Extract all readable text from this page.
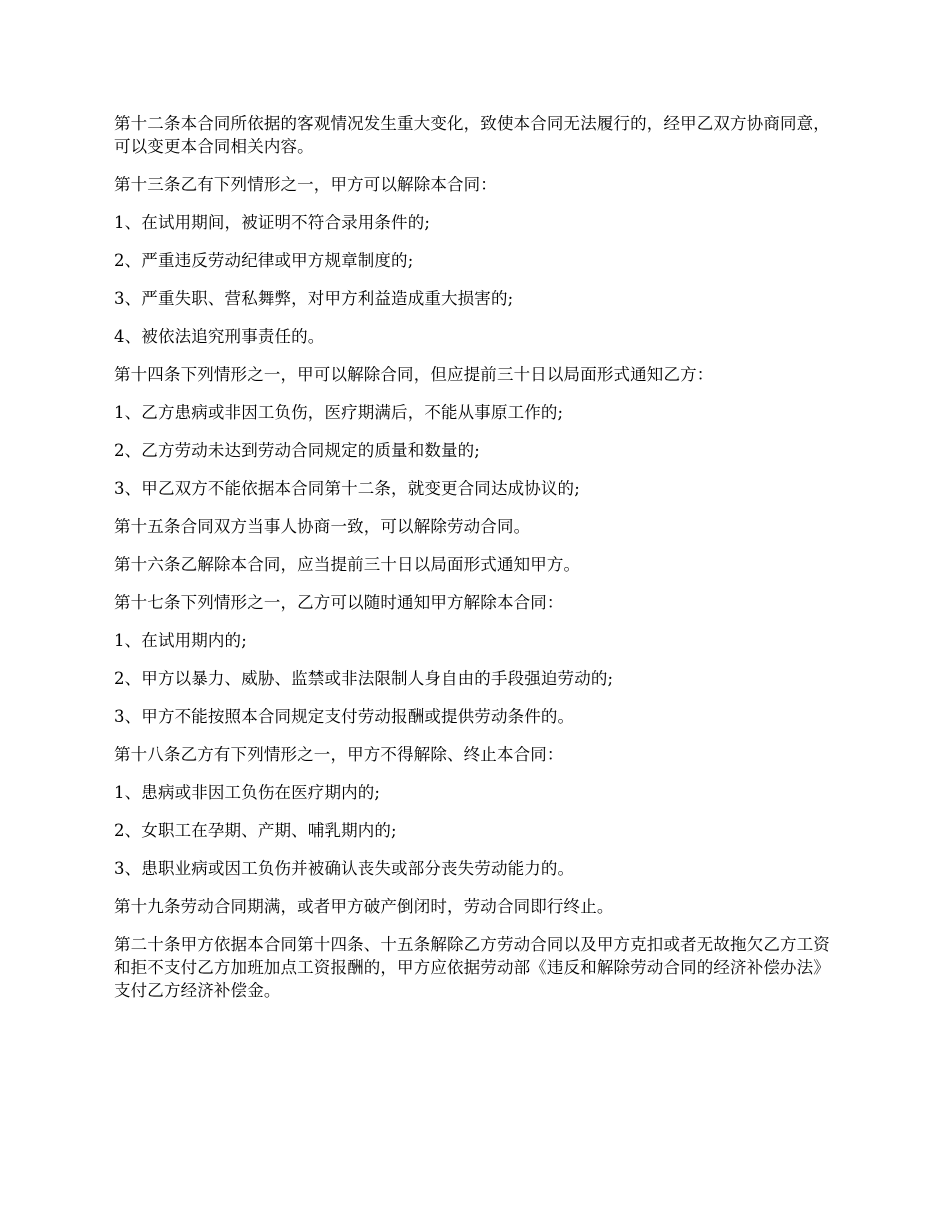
第十二条本合同所依据的客观情况发生重大变化，致使本合同无法履行的，经甲乙双方协商同意，可以变更本合同相关内容。

第十三条乙有下列情形之一，甲方可以解除本合同：

1、在试用期间，被证明不符合录用条件的;

2、严重违反劳动纪律或甲方规章制度的;

3、严重失职、营私舞弊，对甲方利益造成重大损害的;

4、被依法追究刑事责任的。

第十四条下列情形之一，甲可以解除合同，但应提前三十日以局面形式通知乙方：

1、乙方患病或非因工负伤，医疗期满后，不能从事原工作的;

2、乙方劳动未达到劳动合同规定的质量和数量的;

3、甲乙双方不能依据本合同第十二条，就变更合同达成协议的;

第十五条合同双方当事人协商一致，可以解除劳动合同。

第十六条乙解除本合同，应当提前三十日以局面形式通知甲方。

第十七条下列情形之一，乙方可以随时通知甲方解除本合同：

1、在试用期内的;

2、甲方以暴力、威胁、监禁或非法限制人身自由的手段强迫劳动的;

3、甲方不能按照本合同规定支付劳动报酬或提供劳动条件的。

第十八条乙方有下列情形之一，甲方不得解除、终止本合同：

1、患病或非因工负伤在医疗期内的;

2、女职工在孕期、产期、哺乳期内的;

3、患职业病或因工负伤并被确认丧失或部分丧失劳动能力的。

第十九条劳动合同期满，或者甲方破产倒闭时，劳动合同即行终止。

第二十条甲方依据本合同第十四条、十五条解除乙方劳动合同以及甲方克扣或者无故拖欠乙方工资和拒不支付乙方加班加点工资报酬的，甲方应依据劳动部《违反和解除劳动合同的经济补偿办法》支付乙方经济补偿金。
